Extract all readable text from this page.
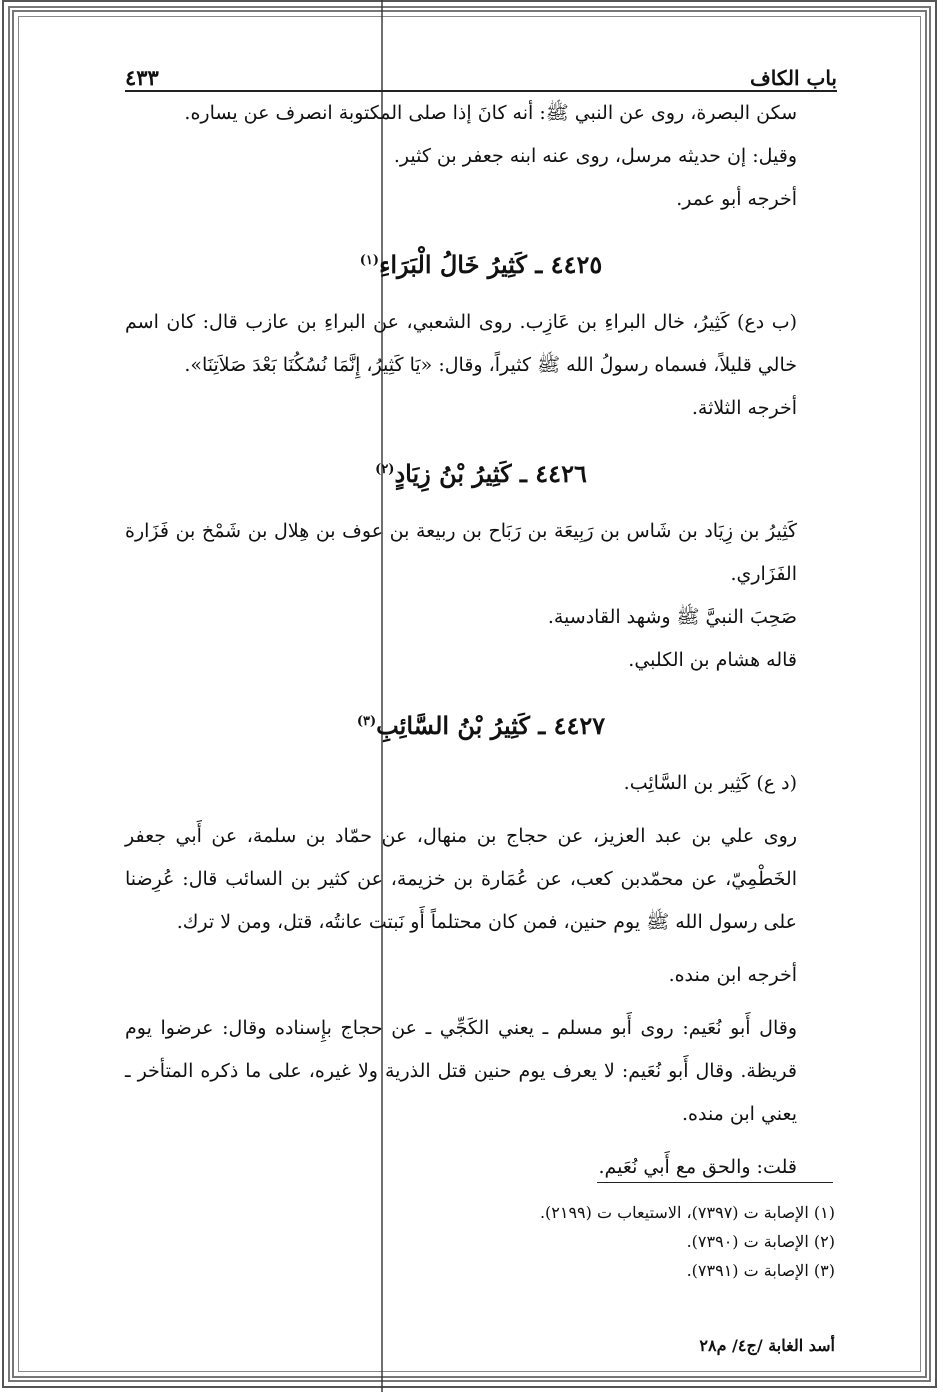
باب الكاف
٤٣٣

سكن البصرة، روى عن النبي ﷺ: أنه كانَ إذا صلى المكتوبة انصرف عن يساره.

وقيل: إن حديثه مرسل، روى عنه ابنه جعفر بن كثير.

أخرجه أبو عمر.

٤٤٢٥ ـ كَثِيرُ خَالُ الْبَرَاءِ$^{(١)}$

(ب دع) كَثِيرُ، خال البراءِ بن عَازِب. روى الشعبي، عن البراءِ بن عازب قال: كان اسم خالي قليلاً، فسماه رسولُ الله ﷺ كثيراً، وقال: «يَا كَثِيرُ، إِنَّمَا نُسُكُنَا بَعْدَ صَلاَتِنَا».

أخرجه الثلاثة.

٤٤٢٦ ـ كَثِيرُ بْنُ زِيَادٍ$^{(٢)}$

كَثِيرُ بن زِيَاد بن شَاس بن رَبِيعَة بن رَبَاح بن ربيعة بن عوف بن هِلال بن شَمْخ بن فَزَارة الفَزَاري.

صَحِبَ النبيَّ ﷺ وشهد القادسية.

قاله هشام بن الكلبي.

٤٤٢٧ ـ كَثِيرُ بْنُ السَّائِبِ$^{(٣)}$

(د ع) كَثِير بن السَّائِب.

روى علي بن عبد العزيز، عن حجاج بن منهال، عن حمّاد بن سلمة، عن أَبي جعفر الخَطْمِيّ، عن محمّدبن كعب، عن عُمَارة بن خزيمة، عن كثير بن السائب قال: عُرِضنا على رسول الله ﷺ يوم حنين، فمن كان محتلماً أَو نَبتت عانتُه، قتل، ومن لا ترك.

أخرجه ابن منده.

وقال أَبو نُعَيم: روى أَبو مسلم ـ يعني الكَجِّي ـ عن حجاج بإِسناده وقال: عرضوا يوم قريظة. وقال أَبو نُعَيم: لا يعرف يوم حنين قتل الذرية ولا غيره، على ما ذكره المتأخر ـ يعني ابن منده.

قلت: والحق مع أَبي نُعَيم.

(١) الإصابة ت (٧٣٩٧)، الاستيعاب ت (٢١٩٩).
(٢) الإصابة ت (٧٣٩٠).
(٣) الإصابة ت (٧٣٩١).
أسد الغابة /ج٤/ م٢٨
